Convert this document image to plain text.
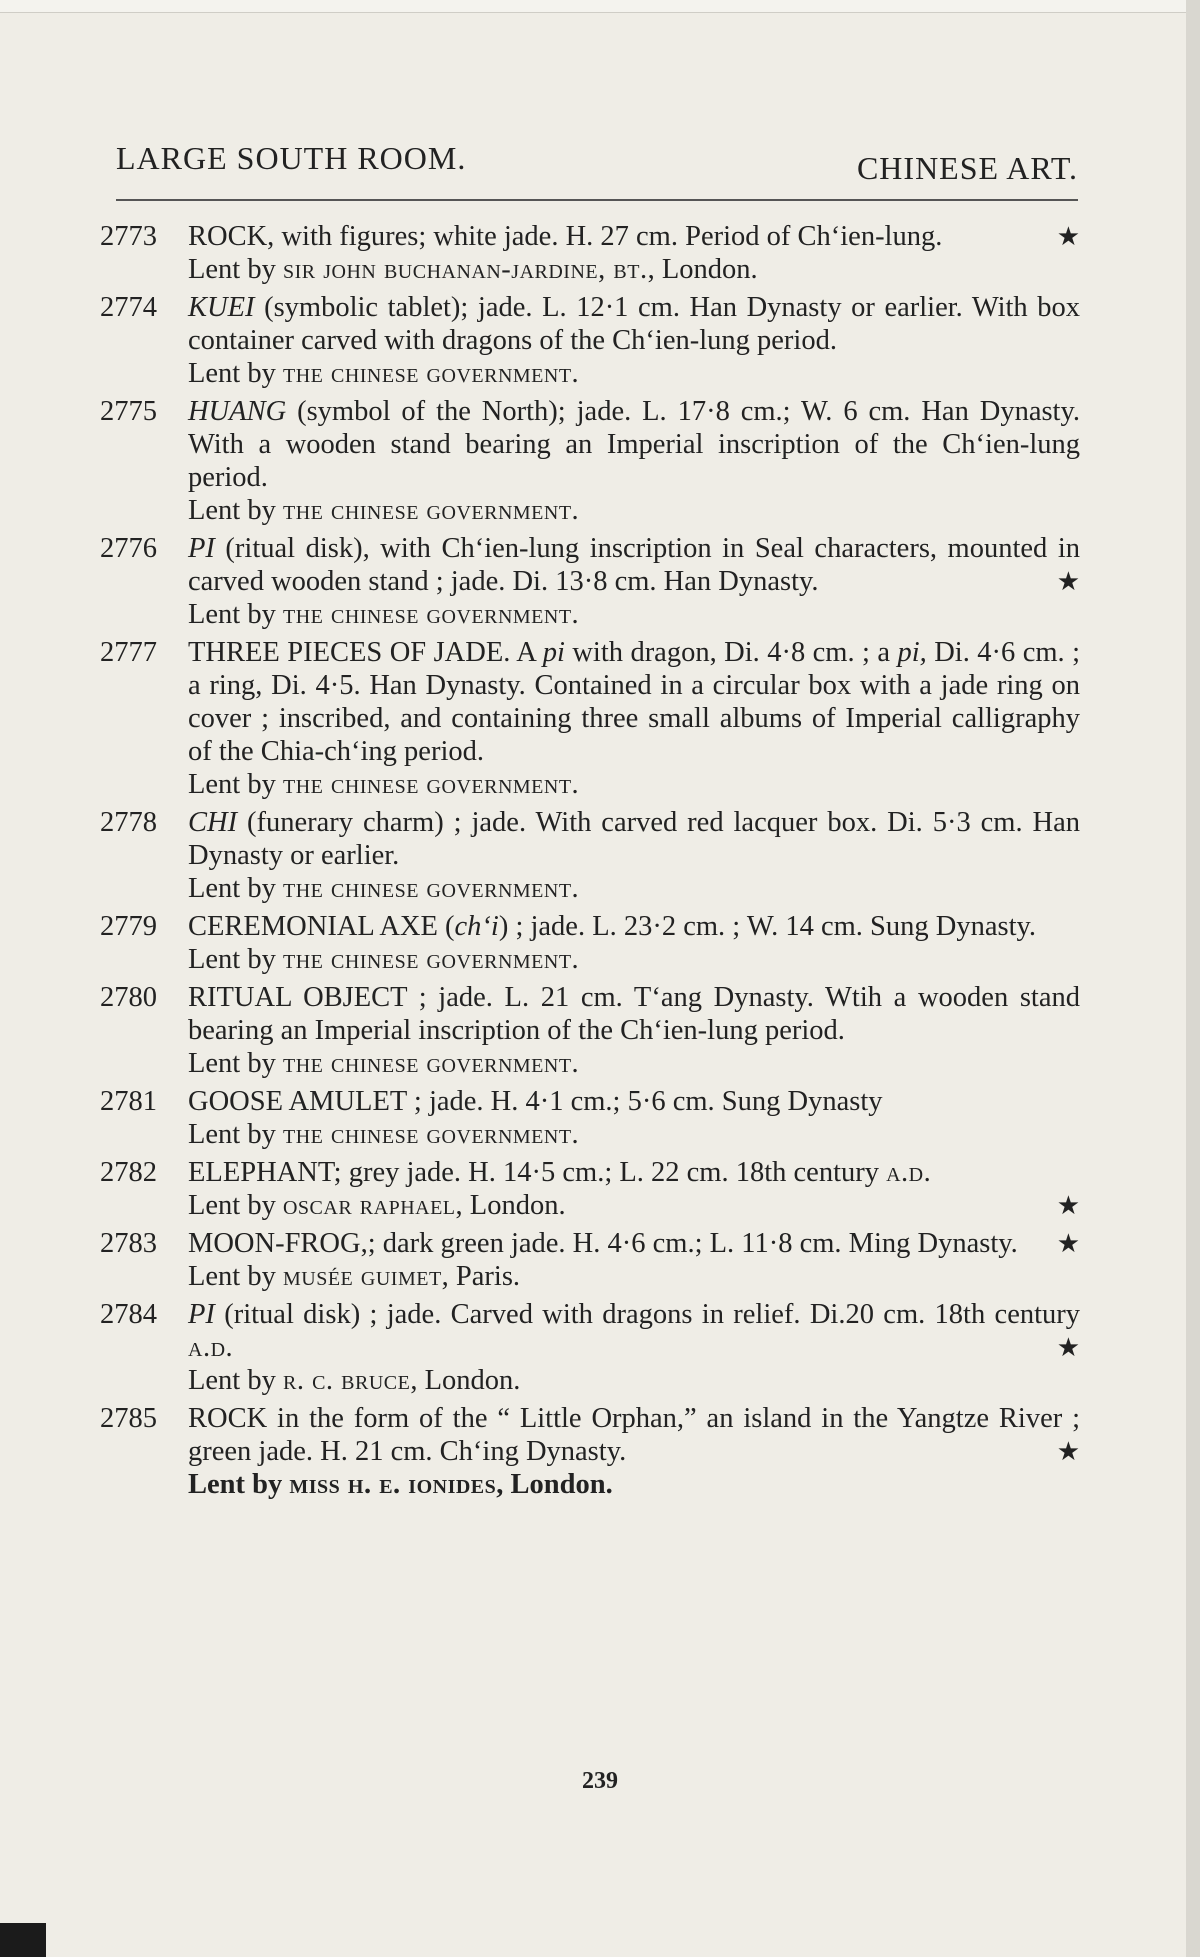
LARGE SOUTH ROOM.	CHINESE ART.
2773	ROCK, with figures; white jade. H. 27 cm. Period of Ch‘ien-lung.	★
Lent by sir john buchanan-jardine, bt., London.
2774	KUEI (symbolic tablet); jade. L. 12·1 cm. Han Dynasty or earlier. With box container carved with dragons of the Ch‘ien-lung period.
Lent by the chinese government.
2775	HUANG (symbol of the North); jade. L. 17·8 cm.; W. 6 cm. Han Dynasty. With a wooden stand bearing an Imperial inscription of the Ch‘ien-lung period.
Lent by the chinese government.
2776	PI (ritual disk), with Ch‘ien-lung inscription in Seal characters, mounted in carved wooden stand ; jade. Di. 13·8 cm. Han Dynasty.	★
Lent by the chinese government.
2777	THREE PIECES OF JADE. A pi with dragon, Di. 4·8 cm. ; a pi, Di. 4·6 cm. ; a ring, Di. 4·5. Han Dynasty. Contained in a circular box with a jade ring on cover ; inscribed, and containing three small albums of Imperial calligraphy of the Chia-ch‘ing period.
Lent by the chinese government.
2778	CHI (funerary charm) ; jade. With carved red lacquer box. Di. 5·3 cm. Han Dynasty or earlier.
Lent by the chinese government.
2779	CEREMONIAL AXE (ch‘i) ; jade. L. 23·2 cm. ; W. 14 cm. Sung Dynasty.
Lent by the chinese government.
2780	RITUAL OBJECT ; jade. L. 21 cm. T‘ang Dynasty. Wtih a wooden stand bearing an Imperial inscription of the Ch‘ien-lung period.
Lent by the chinese government.
2781	GOOSE AMULET ; jade. H. 4·1 cm.; 5·6 cm. Sung Dynasty
Lent by the chinese government.
2782	ELEPHANT; grey jade. H. 14·5 cm.; L. 22 cm. 18th century a.d.
Lent by oscar raphael, London.	★
2783	MOON-FROG,; dark green jade. H. 4·6 cm.; L. 11·8 cm. Ming Dynasty. ★
Lent by musée guimet, Paris.
2784	PI (ritual disk) ; jade. Carved with dragons in relief. Di.20 cm. 18th century a.d.	★
Lent by r. c. bruce, London.
2785	ROCK in the form of the “ Little Orphan,” an island in the Yangtze River ; green jade. H. 21 cm. Ch‘ing Dynasty.	★
Lent by miss h. e. ionides, London.
239
